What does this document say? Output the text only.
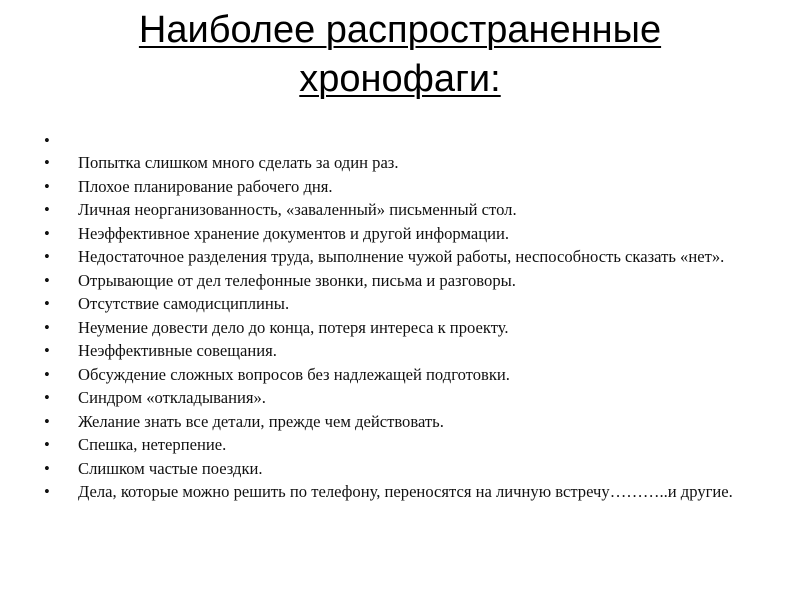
Наиболее распространенные
хронофаги:
•
• Попытка слишком много сделать за один раз.
• Плохое планирование рабочего дня.
• Личная неорганизованность, «заваленный» письменный стол.
• Неэффективное хранение документов и другой информации.
• Недостаточное разделения труда, выполнение чужой работы, неспособность сказать «нет».
• Отрывающие от дел телефонные звонки, письма и разговоры.
• Отсутствие самодисциплины.
• Неумение довести дело до конца, потеря интереса к проекту.
• Неэффективные совещания.
• Обсуждение сложных вопросов без надлежащей подготовки.
• Синдром «откладывания».
• Желание знать все детали, прежде чем действовать.
• Спешка, нетерпение.
• Слишком частые поездки.
• Дела, которые можно решить по телефону, переносятся на личную встречу………..и другие.
